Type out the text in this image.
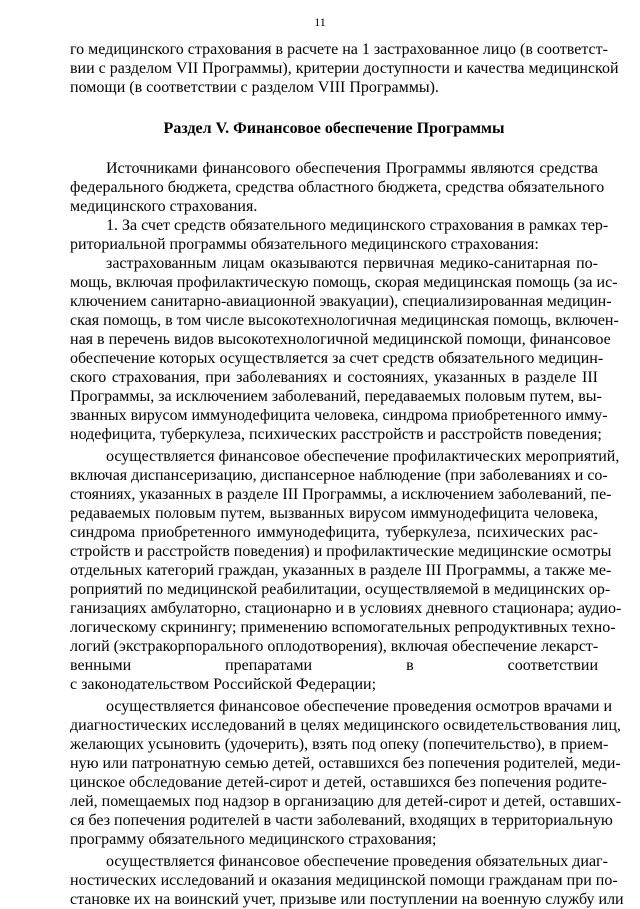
11
го медицинского страхования в расчете на 1 застрахованное лицо (в соответст-
вии с разделом VII Программы), критерии доступности и качества медицинской
помощи (в соответствии с разделом VIII Программы).
Раздел V. Финансовое обеспечение Программы
Источниками финансового обеспечения Программы являются средства
федерального бюджета, средства областного бюджета, средства обязательного
медицинского страхования.
1. За счет средств обязательного медицинского страхования в рамках тер-
риториальной программы обязательного медицинского страхования:
застрахованным лицам оказываются первичная медико-санитарная по-
мощь, включая профилактическую помощь, скорая медицинская помощь (за ис-
ключением санитарно-авиационной эвакуации), специализированная медицин-
ская помощь, в том числе высокотехнологичная медицинская помощь, включен-
ная в перечень видов высокотехнологичной медицинской помощи, финансовое
обеспечение которых осуществляется за счет средств обязательного медицин-
ского страхования, при заболеваниях и состояниях, указанных в разделе III
Программы, за исключением заболеваний, передаваемых половым путем, вы-
званных вирусом иммунодефицита человека, синдрома приобретенного имму-
нодефицита, туберкулеза, психических расстройств и расстройств поведения;
осуществляется финансовое обеспечение профилактических мероприятий,
включая диспансеризацию, диспансерное наблюдение (при заболеваниях и со-
стояниях, указанных в разделе III Программы, а исключением заболеваний, пе-
редаваемых половым путем, вызванных вирусом иммунодефицита человека,
синдрома приобретенного иммунодефицита, туберкулеза, психических рас-
стройств и расстройств поведения) и профилактические медицинские осмотры
отдельных категорий граждан, указанных в разделе III Программы, а также ме-
роприятий по медицинской реабилитации, осуществляемой в медицинских ор-
ганизациях амбулаторно, стационарно и в условиях дневного стационара; аудио-
логическому скринингу; применению вспомогательных репродуктивных техно-
логий (экстракорпорального оплодотворения), включая обеспечение лекарст-
венными препаратами в соответствии
с законодательством Российской Федерации;
осуществляется финансовое обеспечение проведения осмотров врачами и
диагностических исследований в целях медицинского освидетельствования лиц,
желающих усыновить (удочерить), взять под опеку (попечительство), в прием-
ную или патронатную семью детей, оставшихся без попечения родителей, меди-
цинское обследование детей-сирот и детей, оставшихся без попечения родите-
лей, помещаемых под надзор в организацию для детей-сирот и детей, оставших-
ся без попечения родителей в части заболеваний, входящих в территориальную
программу обязательного медицинского страхования;
осуществляется финансовое обеспечение проведения обязательных диаг-
ностических исследований и оказания медицинской помощи гражданам при по-
становке их на воинский учет, призыве или поступлении на военную службу или
